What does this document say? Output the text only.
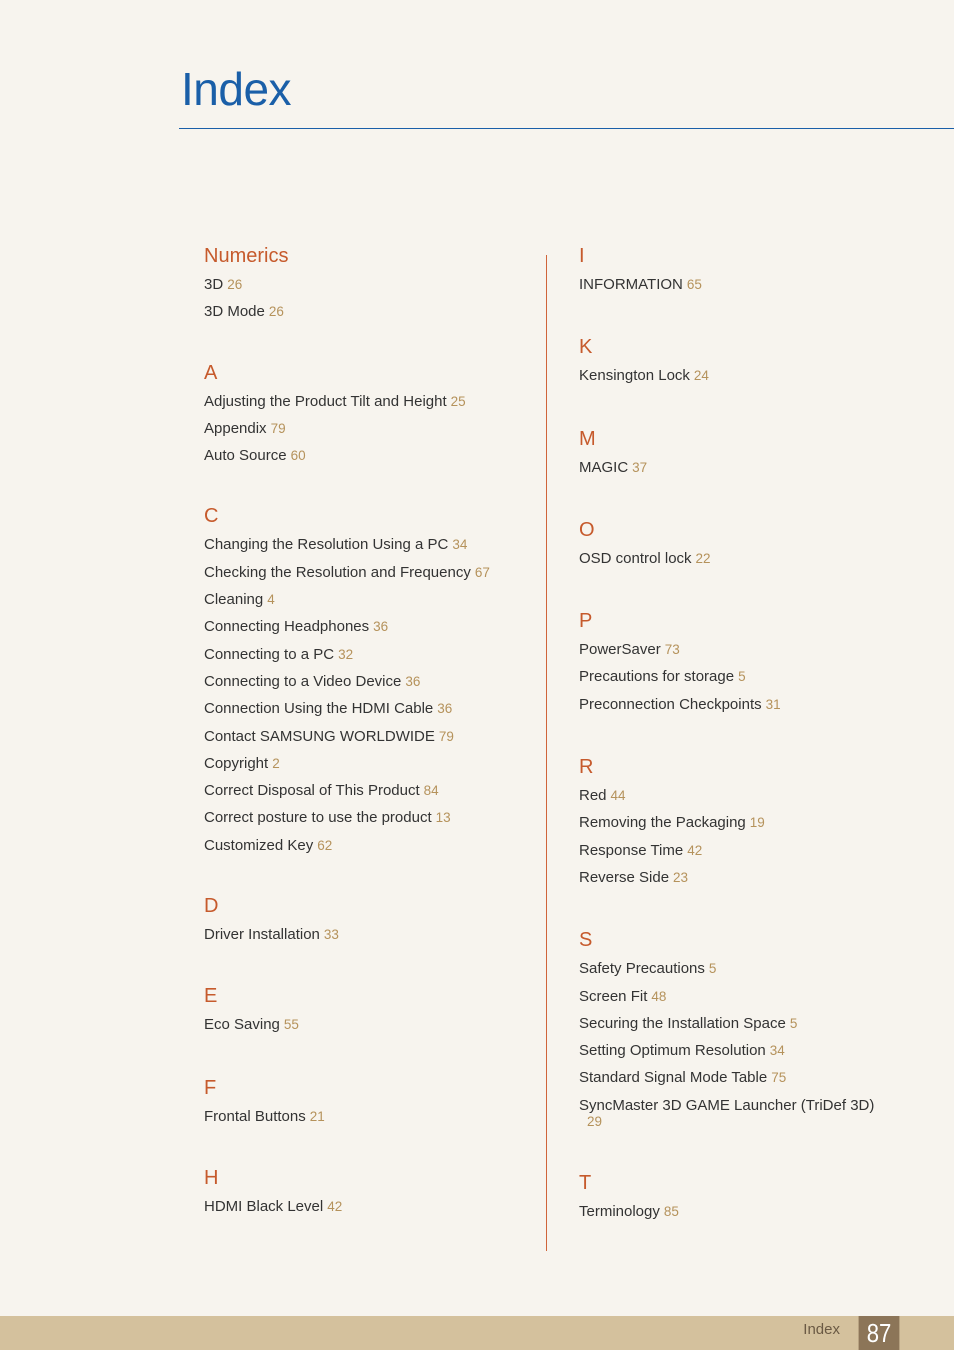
Index
Numerics
3D 26
3D Mode 26
A
Adjusting the Product Tilt and Height 25
Appendix 79
Auto Source 60
C
Changing the Resolution Using a PC 34
Checking the Resolution and Frequency 67
Cleaning 4
Connecting Headphones 36
Connecting to a PC 32
Connecting to a Video Device 36
Connection Using the HDMI Cable 36
Contact SAMSUNG WORLDWIDE 79
Copyright 2
Correct Disposal of This Product 84
Correct posture to use the product 13
Customized Key 62
D
Driver Installation 33
E
Eco Saving 55
F
Frontal Buttons 21
H
HDMI Black Level 42
I
INFORMATION 65
K
Kensington Lock 24
M
MAGIC 37
O
OSD control lock 22
P
PowerSaver 73
Precautions for storage 5
Preconnection Checkpoints 31
R
Red 44
Removing the Packaging 19
Response Time 42
Reverse Side 23
S
Safety Precautions 5
Screen Fit 48
Securing the Installation Space 5
Setting Optimum Resolution 34
Standard Signal Mode Table 75
SyncMaster 3D GAME Launcher (TriDef 3D)
29
T
Terminology 85
Index	87
